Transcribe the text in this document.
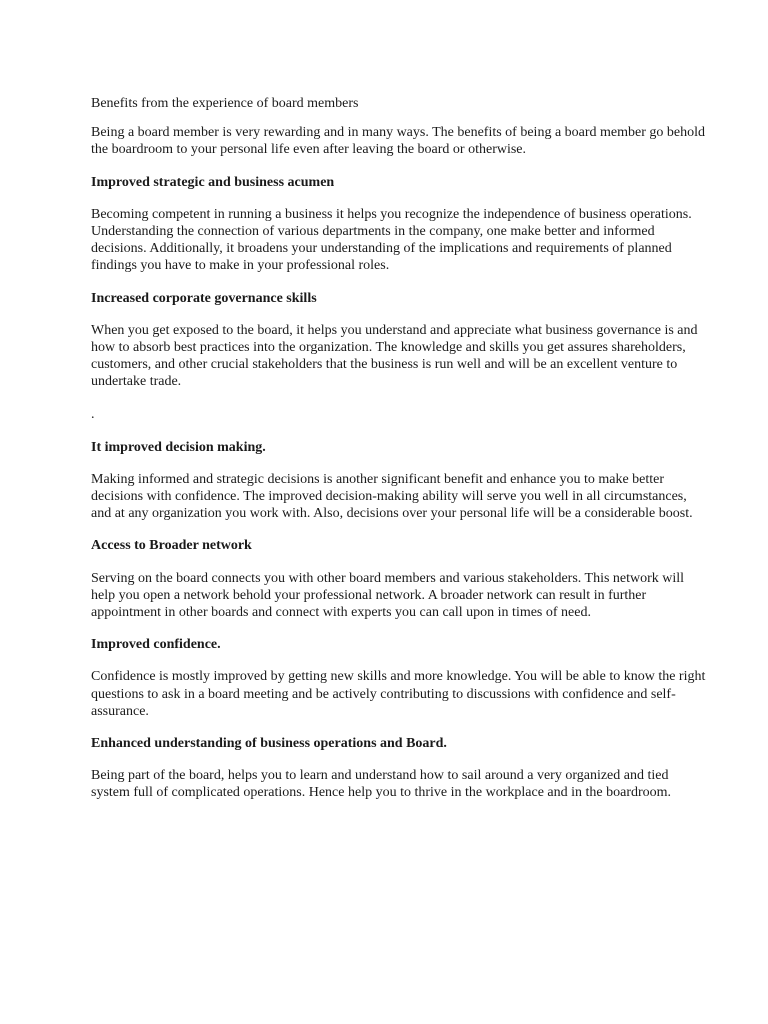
Benefits from the experience of board members

Being a board member is very rewarding and in many ways. The benefits of being a board member go behold the boardroom to your personal life even after leaving the board or otherwise.

Improved strategic and business acumen

Becoming competent in running a business it helps you recognize the independence of business operations. Understanding the connection of various departments in the company, one make better and informed decisions. Additionally, it broadens your understanding of the implications and requirements of planned findings you have to make in your professional roles.

Increased corporate governance skills

When you get exposed to the board, it helps you understand and appreciate what business governance is and how to absorb best practices into the organization. The knowledge and skills you get assures shareholders, customers, and other crucial stakeholders that the business is run well and will be an excellent venture to undertake trade.

.

It improved decision making.

Making informed and strategic decisions is another significant benefit and enhance you to make better decisions with confidence. The improved decision-making ability will serve you well in all circumstances, and at any organization you work with. Also, decisions over your personal life will be a considerable boost.

Access to Broader network

Serving on the board connects you with other board members and various stakeholders. This network will help you open a network behold your professional network. A broader network can result in further appointment in other boards and connect with experts you can call upon in times of need.

Improved confidence.

Confidence is mostly improved by getting new skills and more knowledge. You will be able to know the right questions to ask in a board meeting and be actively contributing to discussions with confidence and self-assurance.

Enhanced understanding of business operations and Board.

Being part of the board, helps you to learn and understand how to sail around a very organized and tied system full of complicated operations. Hence help you to thrive in the workplace and in the boardroom.
